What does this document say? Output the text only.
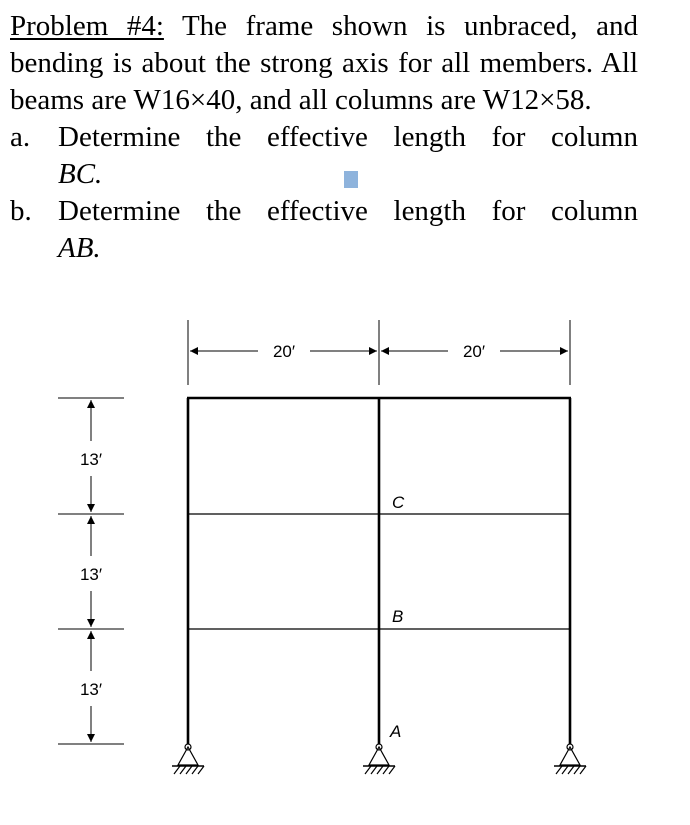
Problem #4: The frame shown is unbraced, and bending is about the strong axis for all members. All beams are W16×40, and all columns are W12×58.

a. Determine the effective length for column
BC.
b. Determine the effective length for column
AB.
20′	20′
13′
13′
13′
C
B
A
